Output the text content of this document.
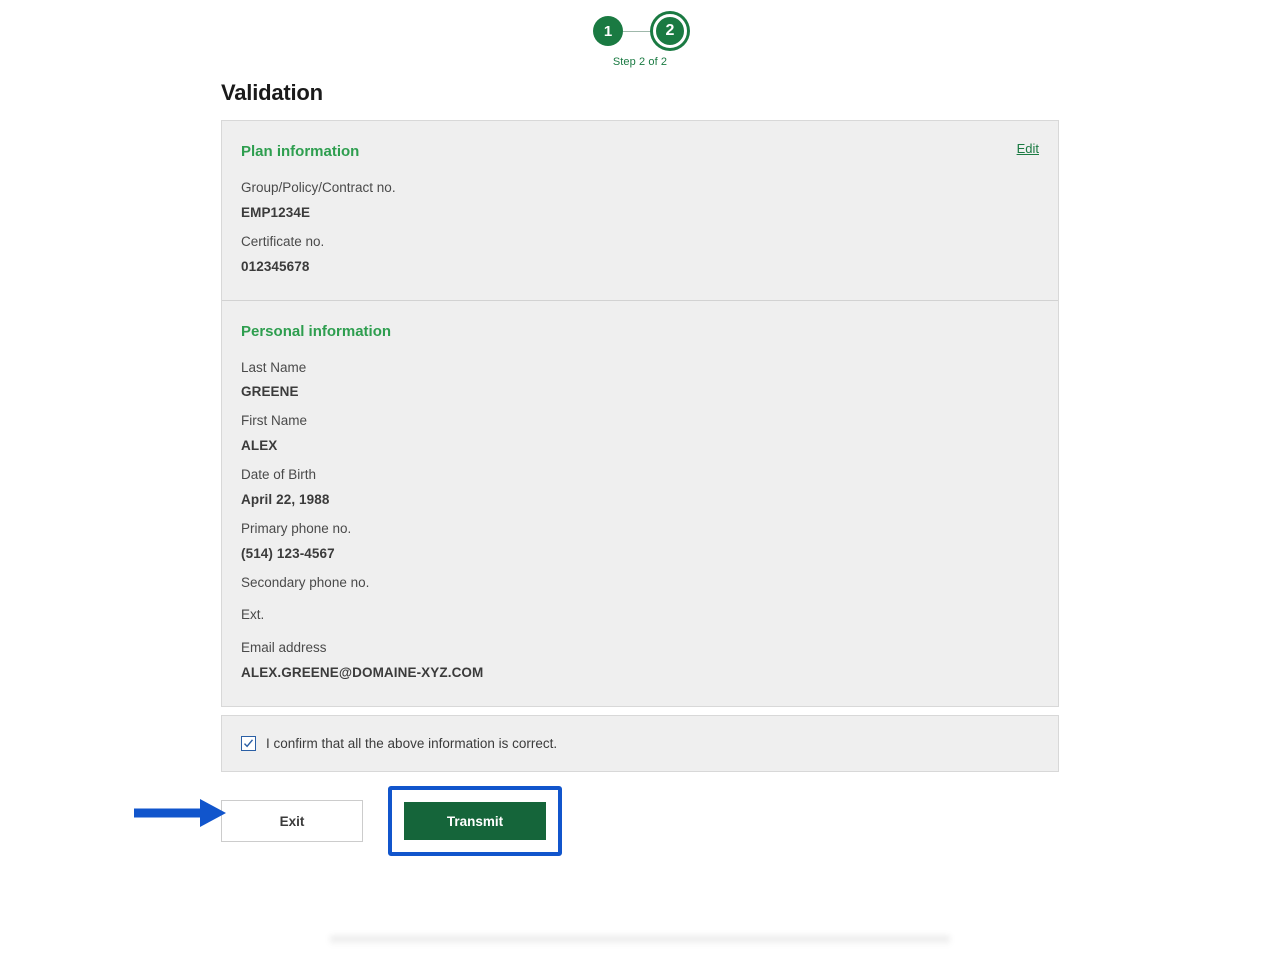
1	2
Step 2 of 2
Validation
Edit
Plan information

Group/Policy/Contract no.

EMP1234E

Certificate no.

012345678

Personal information

Last Name

GREENE

First Name

ALEX

Date of Birth

April 22, 1988

Primary phone no.

(514) 123-4567

Secondary phone no.

Ext.

Email address

ALEX.GREENE@DOMAINE-XYZ.COM

I confirm that all the above information is correct.
Exit	Transmit
